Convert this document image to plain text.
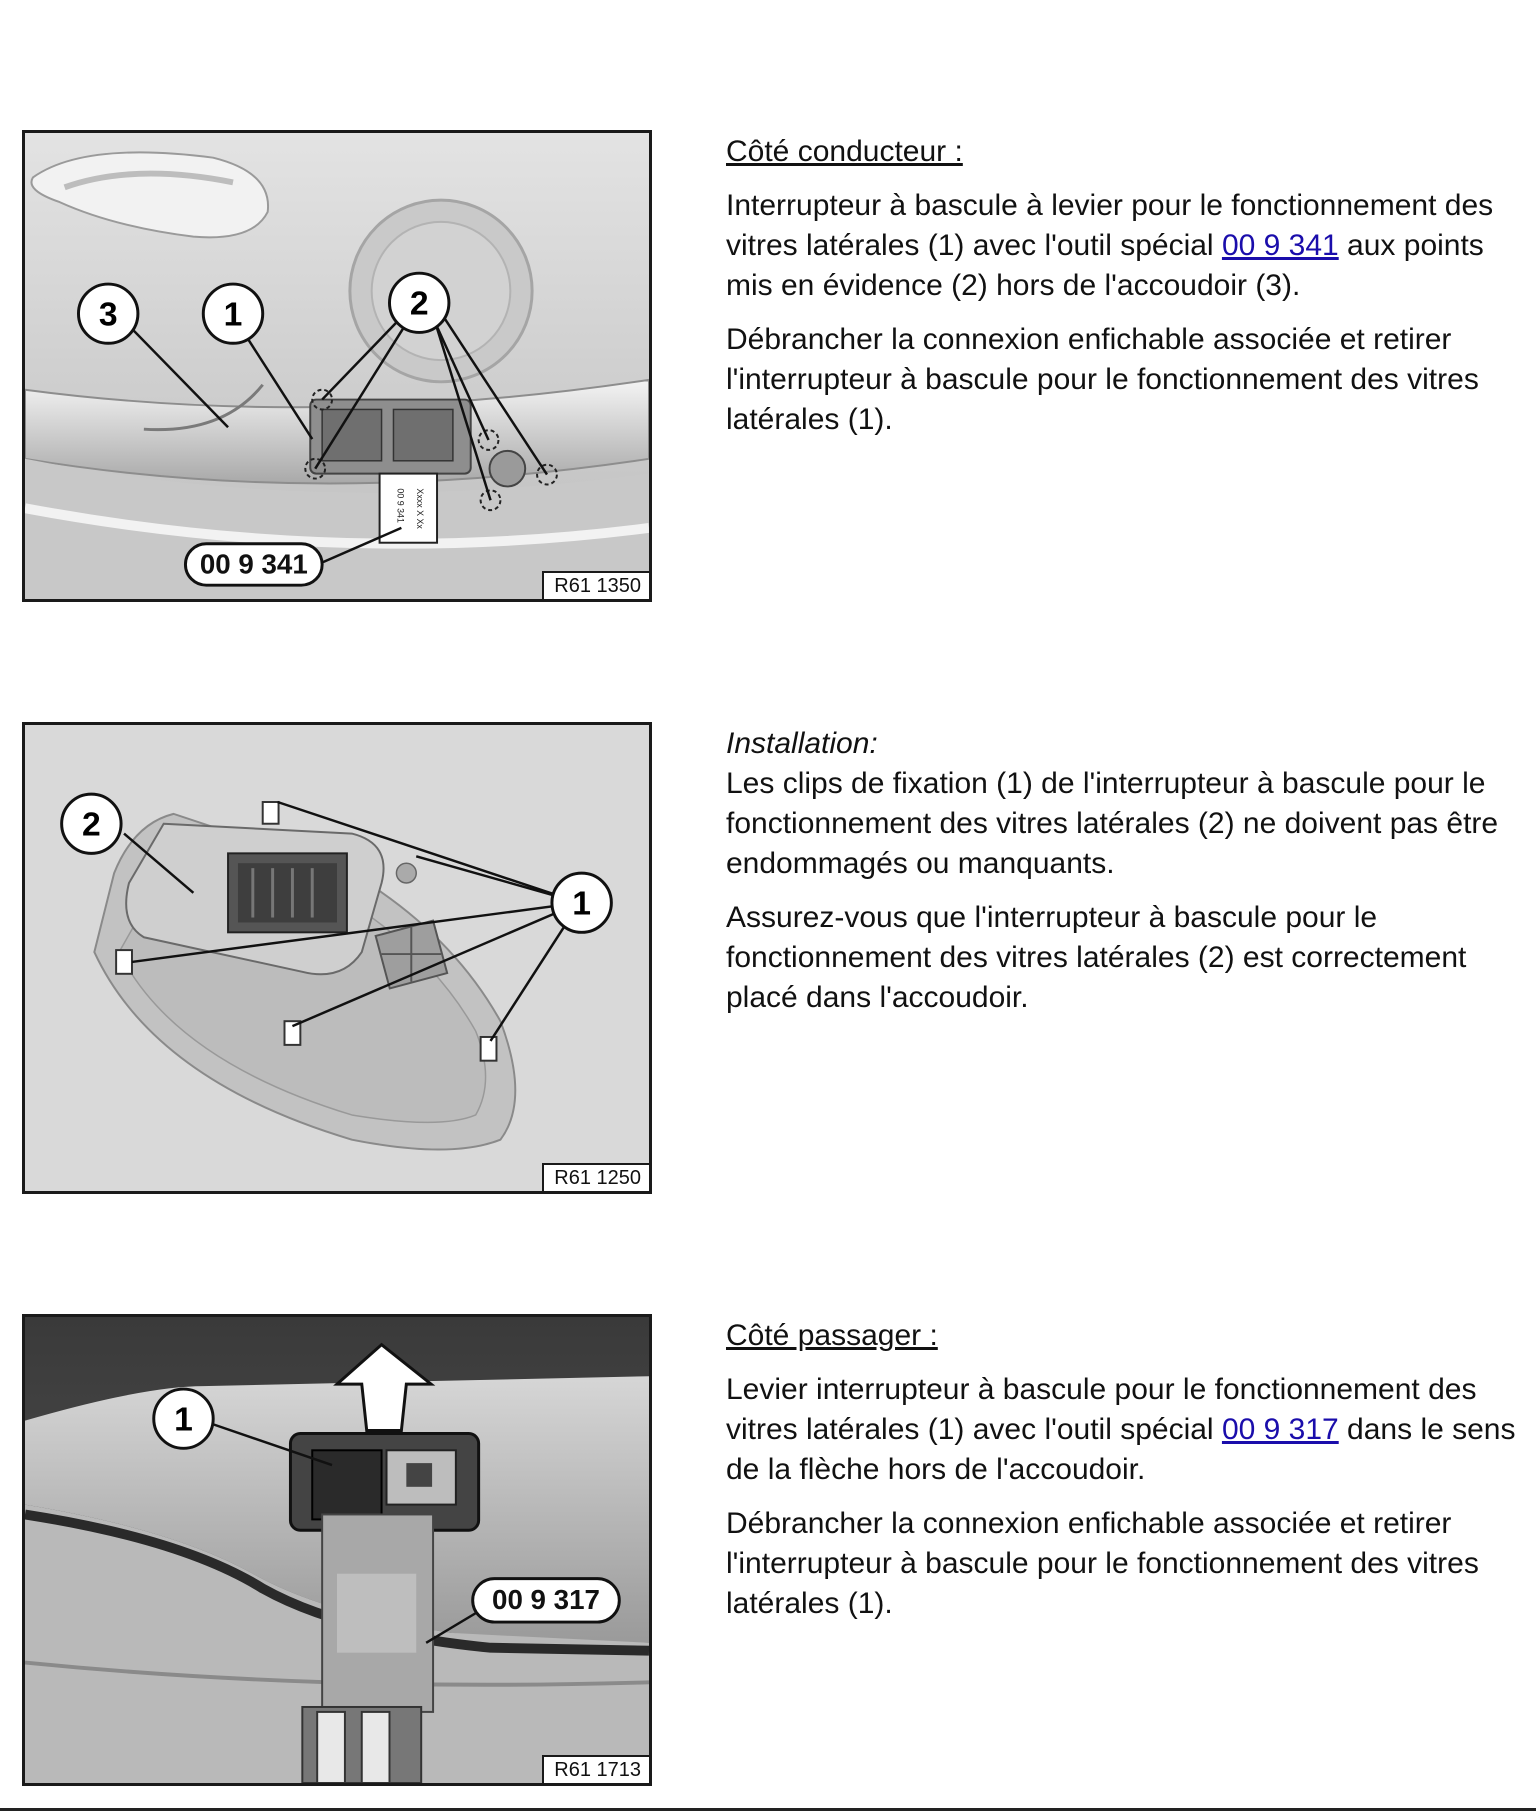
00 9 341 Xxxx X Xx
3	1	2
00 9 341
R61 1350

Côté conducteur :

Interrupteur à bascule à levier pour le fonctionnement des vitres latérales (1) avec l'outil spécial 00 9 341 aux points mis en évidence (2) hors de l'accoudoir (3).

Débrancher la connexion enfichable associée et retirer l'interrupteur à bascule pour le fonctionnement des vitres latérales (1).

2
1
R61 1250

Installation:

Les clips de fixation (1) de l'interrupteur à bascule pour le fonctionnement des vitres latérales (2) ne doivent pas être endommagés ou manquants.

Assurez-vous que l'interrupteur à bascule pour le fonctionnement des vitres latérales (2) est correctement placé dans l'accoudoir.

1
00 9 317
R61 1713

Côté passager :

Levier interrupteur à bascule pour le fonctionnement des vitres latérales (1) avec l'outil spécial 00 9 317 dans le sens de la flèche hors de l'accoudoir.

Débrancher la connexion enfichable associée et retirer l'interrupteur à bascule pour le fonctionnement des vitres latérales (1).
